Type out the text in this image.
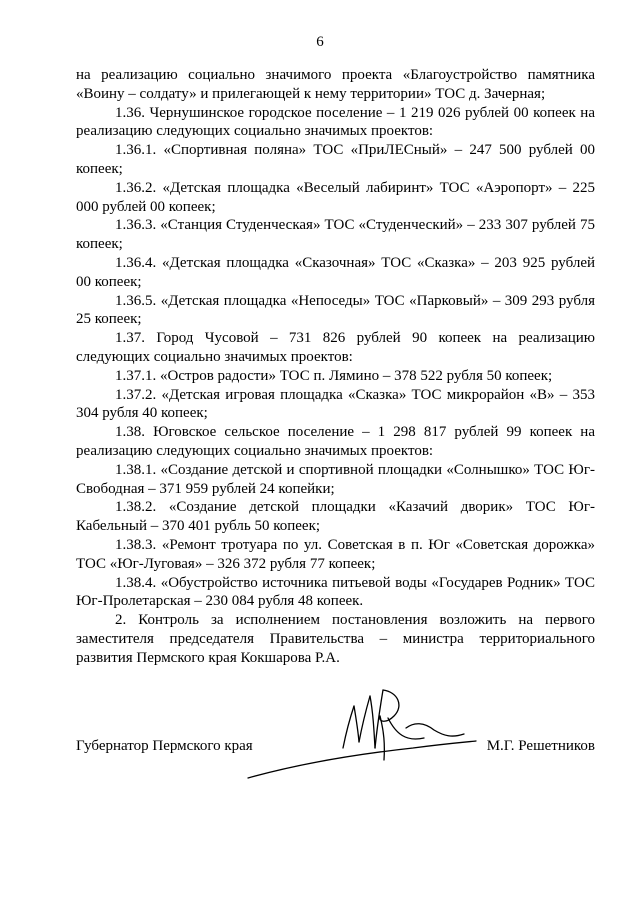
6

на реализацию социально значимого проекта «Благоустройство памятника «Воину – солдату» и прилегающей к нему территории» ТОС д. Зачерная;

1.36. Чернушинское городское поселение – 1 219 026 рублей 00 копеек на реализацию следующих социально значимых проектов:

1.36.1. «Спортивная поляна» ТОС «ПриЛЕСный» – 247 500 рублей 00 копеек;

1.36.2. «Детская площадка «Веселый лабиринт» ТОС «Аэропорт» – 225 000 рублей 00 копеек;

1.36.3. «Станция Студенческая» ТОС «Студенческий» – 233 307 рублей 75 копеек;

1.36.4. «Детская площадка «Сказочная» ТОС «Сказка» – 203 925 рублей 00 копеек;

1.36.5. «Детская площадка «Непоседы» ТОС «Парковый» – 309 293 рубля 25 копеек;

1.37. Город Чусовой – 731 826 рублей 90 копеек на реализацию следующих социально значимых проектов:

1.37.1. «Остров радости» ТОС п. Лямино – 378 522 рубля 50 копеек;

1.37.2. «Детская игровая площадка «Сказка» ТОС микрорайон «В» – 353 304 рубля 40 копеек;

1.38. Юговское сельское поселение – 1 298 817 рублей 99 копеек на реализацию следующих социально значимых проектов:

1.38.1. «Создание детской и спортивной площадки «Солнышко» ТОС Юг-Свободная – 371 959 рублей 24 копейки;

1.38.2. «Создание детской площадки «Казачий дворик» ТОС Юг-Кабельный – 370 401 рубль 50 копеек;

1.38.3. «Ремонт тротуара по ул. Советская в п. Юг «Советская дорожка» ТОС «Юг-Луговая» – 326 372 рубля 77 копеек;

1.38.4. «Обустройство источника питьевой воды «Государев Родник» ТОС Юг-Пролетарская – 230 084 рубля 48 копеек.

2. Контроль за исполнением постановления возложить на первого заместителя председателя Правительства – министра территориального развития Пермского края Кокшарова Р.А.

Губернатор Пермского края	М.Г. Решетников
